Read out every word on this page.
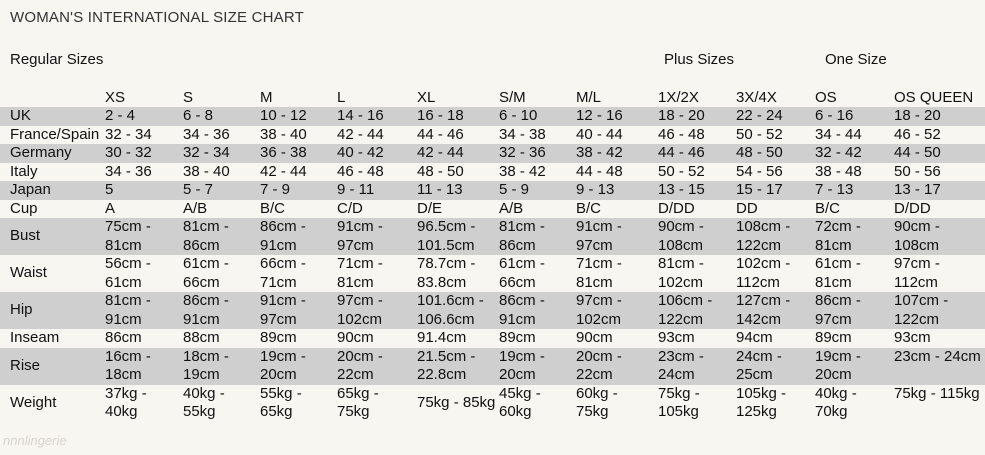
WOMAN'S INTERNATIONAL SIZE CHART
Regular Sizes	Plus Sizes	One Size
	XS	S	M	L	XL	S/M	M/L	1X/2X	3X/4X	OS	OS QUEEN
UK	2 - 4	6 - 8	10 - 12	14 - 16	16 - 18	6 - 10	12 - 16	18 - 20	22 - 24	6 - 16	18 - 20
France/Spain	32 - 34	34 - 36	38 - 40	42 - 44	44 - 46	34 - 38	40 - 44	46 - 48	50 - 52	34 - 44	46 - 52
Germany	30 - 32	32 - 34	36 - 38	40 - 42	42 - 44	32 - 36	38 - 42	44 - 46	48 - 50	32 - 42	44 - 50
Italy	34 - 36	38 - 40	42 - 44	46 - 48	48 - 50	38 - 42	44 - 48	50 - 52	54 - 56	38 - 48	50 - 56
Japan	5	5 - 7	7 - 9	9 - 11	11 - 13	5 - 9	9 - 13	13 - 15	15 - 17	7 - 13	13 - 17
Cup	A	A/B	B/C	C/D	D/E	A/B	B/C	D/DD	DD	B/C	D/DD
Bust	75cm - 81cm	81cm - 86cm	86cm - 91cm	91cm - 97cm	96.5cm - 101.5cm	81cm - 86cm	91cm - 97cm	90cm - 108cm	108cm - 122cm	72cm - 81cm	90cm - 108cm
Waist	56cm - 61cm	61cm - 66cm	66cm - 71cm	71cm - 81cm	78.7cm - 83.8cm	61cm - 66cm	71cm - 81cm	81cm - 102cm	102cm - 112cm	61cm - 81cm	97cm - 112cm
Hip	81cm - 91cm	86cm - 91cm	91cm - 97cm	97cm - 102cm	101.6cm - 106.6cm	86cm - 91cm	97cm - 102cm	106cm - 122cm	127cm - 142cm	86cm - 97cm	107cm - 122cm
Inseam	86cm	88cm	89cm	90cm	91.4cm	89cm	90cm	93cm	94cm	89cm	93cm
Rise	16cm - 18cm	18cm - 19cm	19cm - 20cm	20cm - 22cm	21.5cm - 22.8cm	19cm - 20cm	20cm - 22cm	23cm - 24cm	24cm - 25cm	19cm - 20cm	23cm - 24cm
Weight	37kg - 40kg	40kg - 55kg	55kg - 65kg	65kg - 75kg	75kg - 85kg	45kg - 60kg	60kg - 75kg	75kg - 105kg	105kg - 125kg	40kg - 70kg	75kg - 115kg
nnnlingerie
